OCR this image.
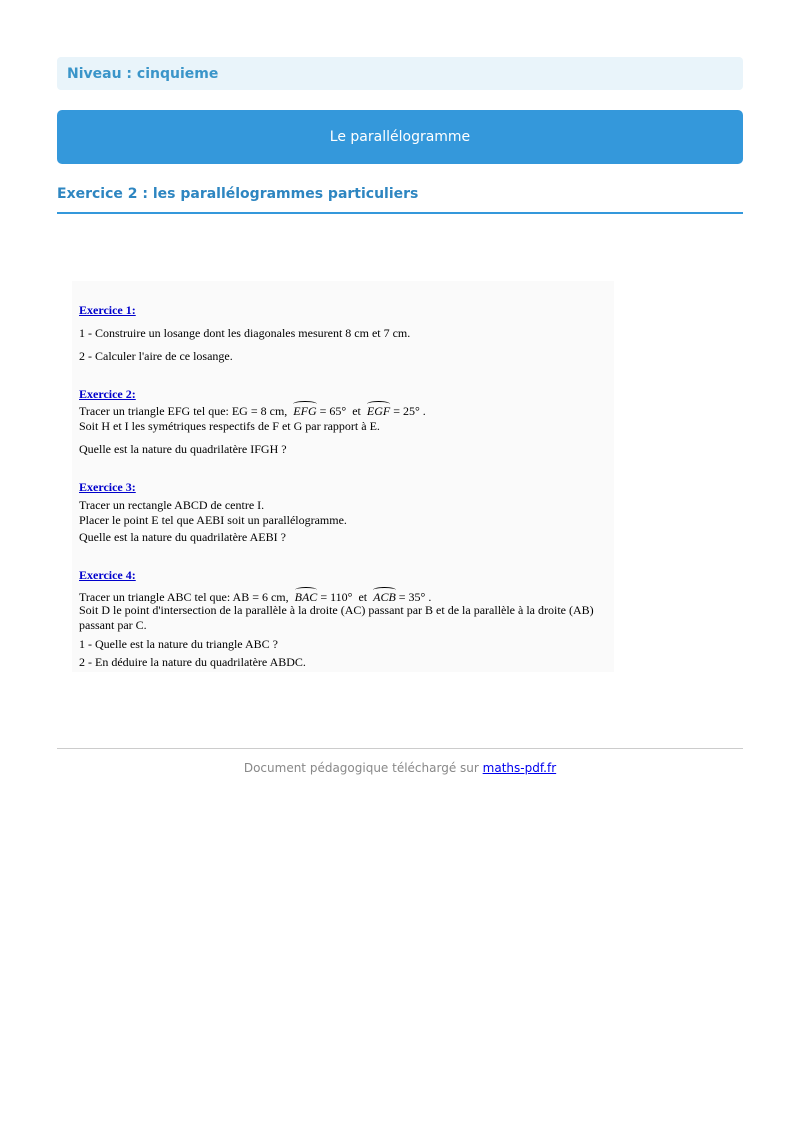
Niveau : cinquieme
Le parallélogramme
Exercice 2 : les parallélogrammes particuliers
Exercice 1:
1 - Construire un losange dont les diagonales mesurent 8 cm et 7 cm.
2 - Calculer l'aire de ce losange.
Exercice 2:
Tracer un triangle EFG tel que: EG = 8 cm, EFG = 65° et EGF = 25° .
Soit H et I les symétriques respectifs de F et G par rapport à E.
Quelle est la nature du quadrilatère IFGH ?
Exercice 3:
Tracer un rectangle ABCD de centre I.
Placer le point E tel que AEBI soit un parallélogramme.
Quelle est la nature du quadrilatère AEBI ?
Exercice 4:
Tracer un triangle ABC tel que: AB = 6 cm, BAC = 110° et ACB = 35° .
Soit D le point d'intersection de la parallèle à la droite (AC) passant par B et de la parallèle à la droite (AB)
passant par C.
1 - Quelle est la nature du triangle ABC ?
2 - En déduire la nature du quadrilatère ABDC.
Document pédagogique téléchargé sur maths-pdf.fr
